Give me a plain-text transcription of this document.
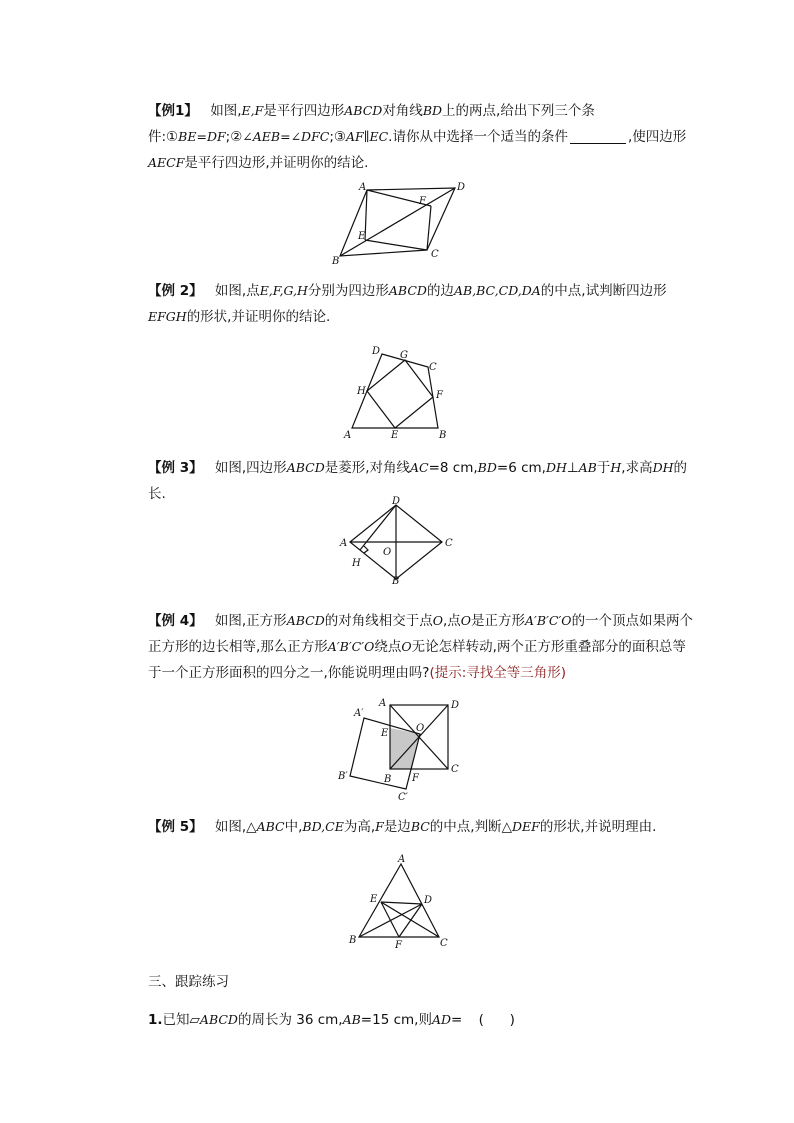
【例1】 如图,E,F是平行四边形ABCD对角线BD上的两点,给出下列三个条件:①BE=DF;②∠AEB=∠DFC;③AF∥EC.请你从中选择一个适当的条件	,使四边形AECF是平行四边形,并证明你的结论.
A
B
C
D
E
F
【例 2】 如图,点E,F,G,H分别为四边形ABCD的边AB,BC,CD,DA的中点,试判断四边形EFGH的形状,并证明你的结论.
A	B
C
D
E
F
G
H
【例 3】 如图,四边形ABCD是菱形,对角线AC=8 cm,BD=6 cm,DH⊥AB于H,求高DH的长.
A
B
C
D
O
H
【例 4】 如图,正方形ABCD的对角线相交于点O,点O是正方形A′B′C′O的一个顶点如果两个正方形的边长相等,那么正方形A′B′C′O绕点O无论怎样转动,两个正方形重叠部分的面积总等于一个正方形面积的四分之一,你能说明理由吗?(提示:寻找全等三角形)
A′
B′
C′
A
B
C
D
O
E
F
【例 5】 如图,△ABC中,BD,CE为高,F是边BC的中点,判断△DEF的形状,并说明理由.
A
B	C
D
E
F
三、跟踪练习
1.已知▱ABCD的周长为 36 cm,AB=15 cm,则AD= (      )
